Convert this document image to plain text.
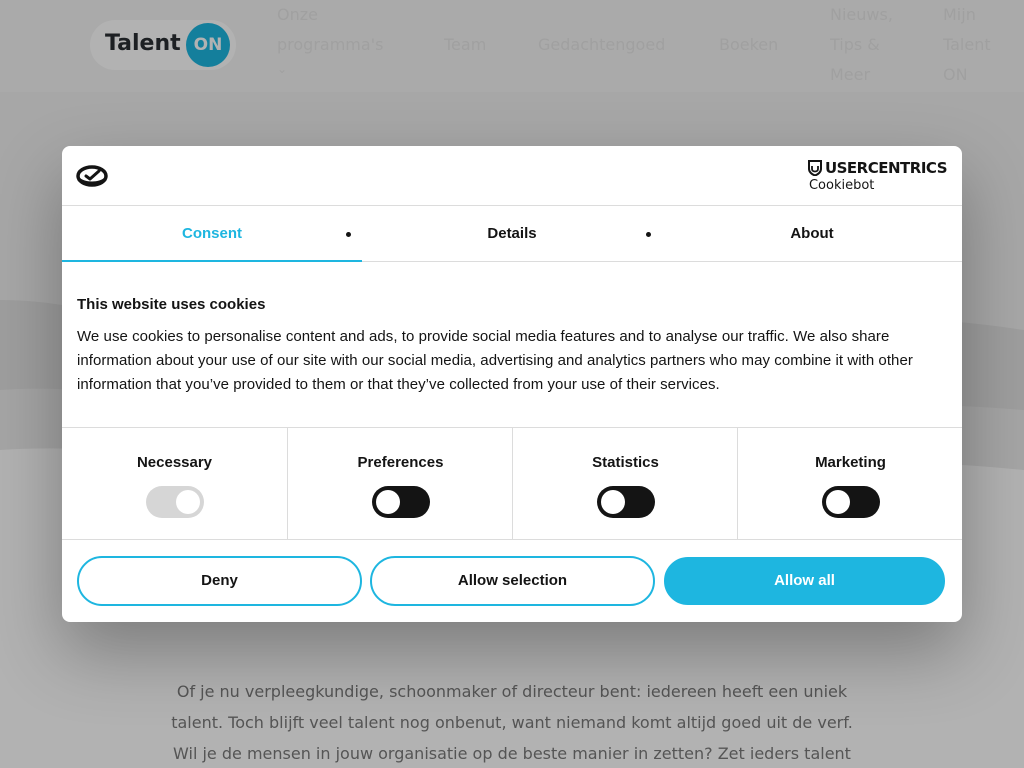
Talent ON
Onze
programma's
⌄
Team	Gedachtengoed	Boeken
Nieuws,
Tips &
Meer
Mijn
Talent
ON
Of je nu verpleegkundige, schoonmaker of directeur bent: iedereen heeft een uniek
talent. Toch blijft veel talent nog onbenut, want niemand komt altijd goed uit de verf.
Wil je de mensen in jouw organisatie op de beste manier in zetten? Zet ieders talent
USERCENTRICS
Cookiebot
Consent	Details	About
This website uses cookies
We use cookies to personalise content and ads, to provide social media features and to analyse our traffic. We also share information about your use of our site with our social media, advertising and analytics partners who may combine it with other information that you’ve provided to them or that they’ve collected from your use of their services.
Necessary	Preferences	Statistics	Marketing
Deny	Allow selection	Allow all
